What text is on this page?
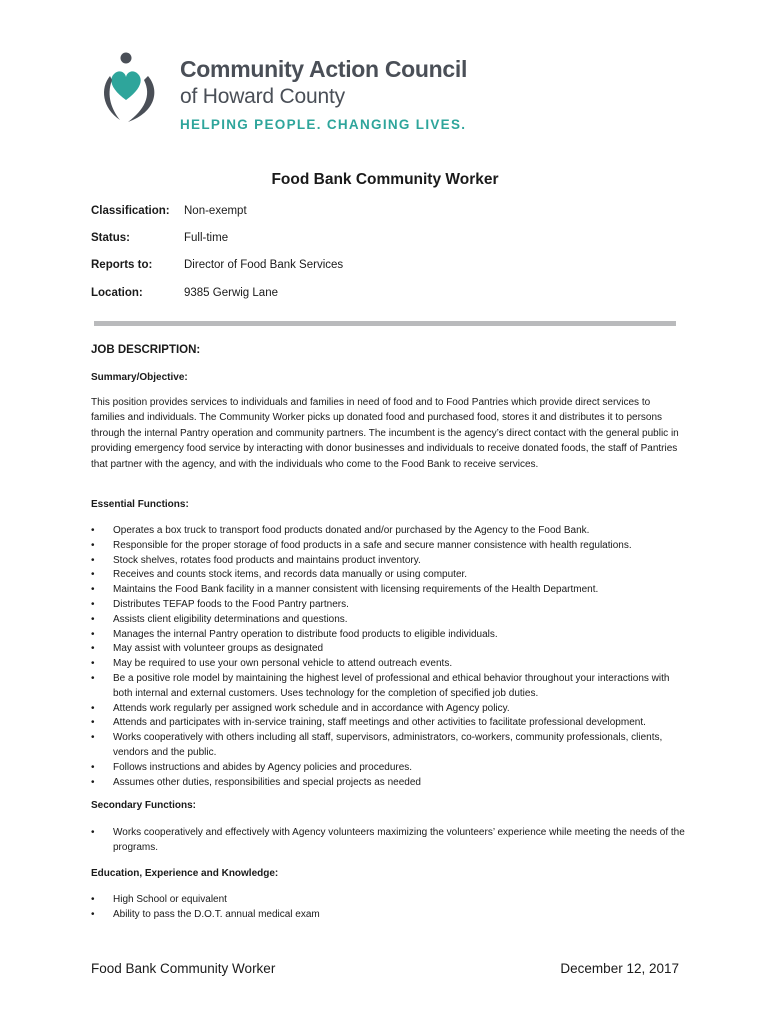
Community Action Council
of Howard County
HELPING PEOPLE. CHANGING LIVES.
Food Bank Community Worker
Classification: Non-exempt
Status:	Full-time
Reports to:	Director of Food Bank Services
Location:	9385 Gerwig Lane
JOB DESCRIPTION:
Summary/Objective:

This position provides services to individuals and families in need of food and to Food Pantries which provide direct services to families and individuals. The Community Worker picks up donated food and purchased food, stores it and distributes it to persons through the internal Pantry operation and community partners. The incumbent is the agency’s direct contact with the general public in providing emergency food service by interacting with donor businesses and individuals to receive donated foods, the staff of Pantries that partner with the agency, and with the individuals who come to the Food Bank to receive services.

Essential Functions:
• Operates a box truck to transport food products donated and/or purchased by the Agency to the Food Bank.
• Responsible for the proper storage of food products in a safe and secure manner consistence with health regulations.
• Stock shelves, rotates food products and maintains product inventory.
• Receives and counts stock items, and records data manually or using computer.
• Maintains the Food Bank facility in a manner consistent with licensing requirements of the Health Department.
• Distributes TEFAP foods to the Food Pantry partners.
• Assists client eligibility determinations and questions.
• Manages the internal Pantry operation to distribute food products to eligible individuals.
• May assist with volunteer groups as designated
• May be required to use your own personal vehicle to attend outreach events.
• Be a positive role model by maintaining the highest level of professional and ethical behavior throughout your interactions with both internal and external customers. Uses technology for the completion of specified job duties.
• Attends work regularly per assigned work schedule and in accordance with Agency policy.
• Attends and participates with in-service training, staff meetings and other activities to facilitate professional development.
• Works cooperatively with others including all staff, supervisors, administrators, co-workers, community professionals, clients, vendors and the public.
• Follows instructions and abides by Agency policies and procedures.
• Assumes other duties, responsibilities and special projects as needed
Secondary Functions:
• Works cooperatively and effectively with Agency volunteers maximizing the volunteers’ experience while meeting the needs of the programs.
Education, Experience and Knowledge:
• High School or equivalent
• Ability to pass the D.O.T. annual medical exam
Food Bank Community Worker	December 12, 2017
